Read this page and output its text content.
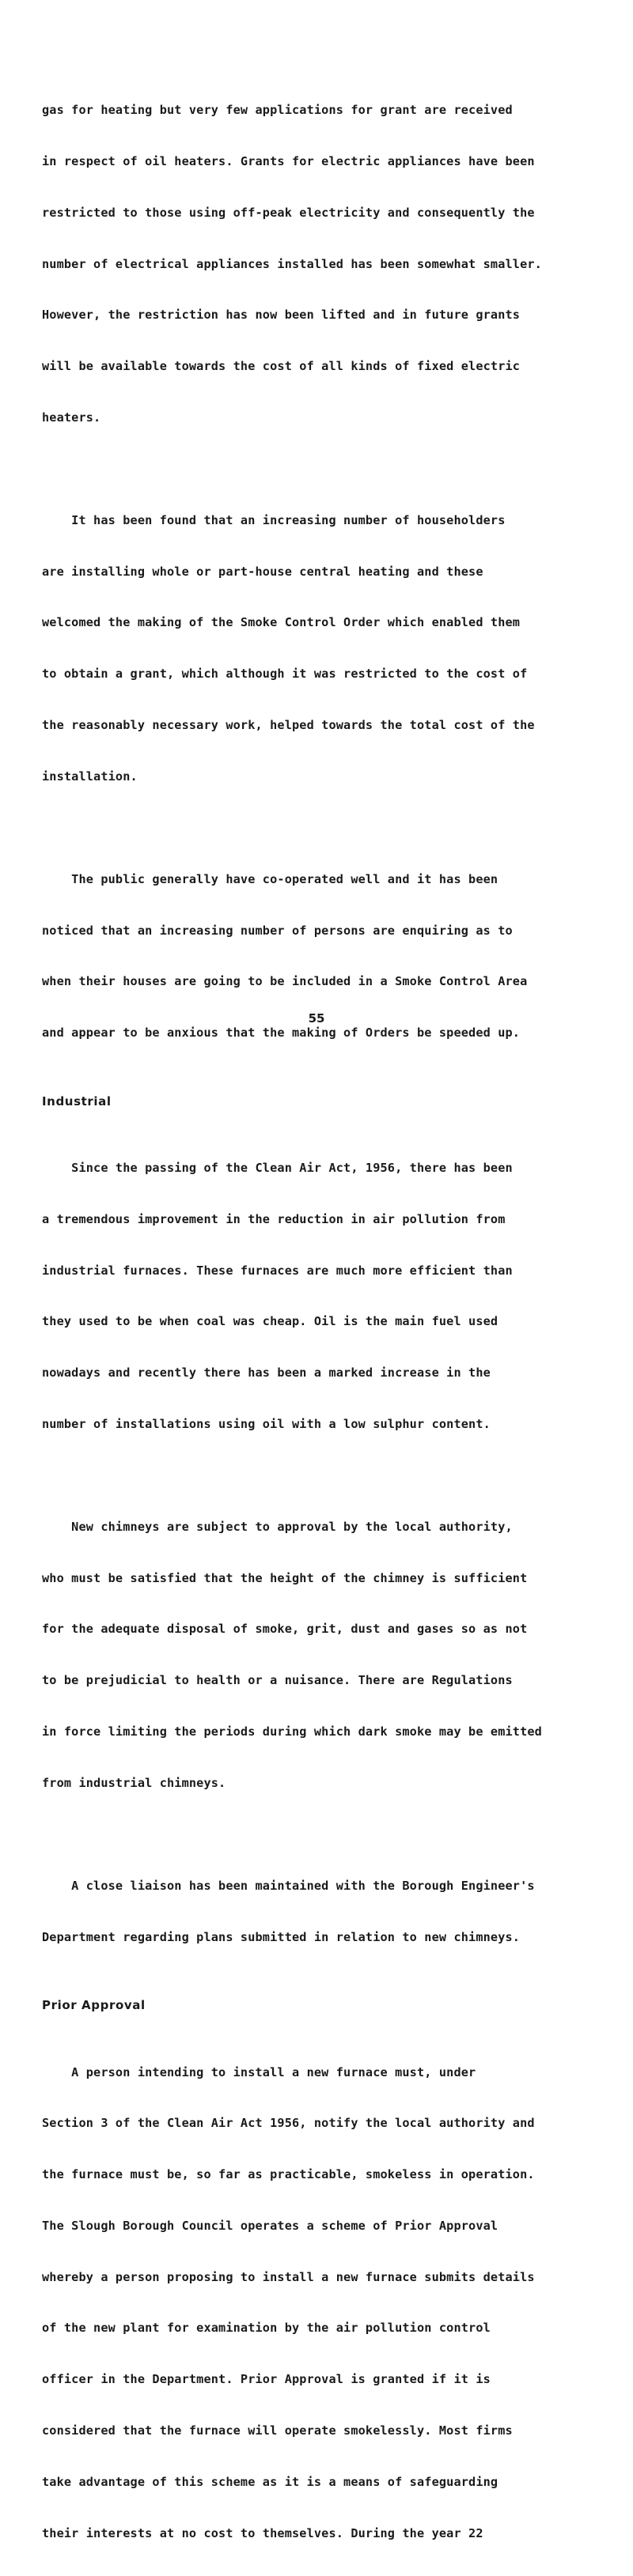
gas for heating but very few applications for grant are received

in respect of oil heaters. Grants for electric appliances have been

restricted to those using off-peak electricity and consequently the

number of electrical appliances installed has been somewhat smaller.

However, the restriction has now been lifted and in future grants

will be available towards the cost of all kinds of fixed electric

heaters.

It has been found that an increasing number of householders

are installing whole or part-house central heating and these

welcomed the making of the Smoke Control Order which enabled them

to obtain a grant, which although it was restricted to the cost of

the reasonably necessary work, helped towards the total cost of the

installation.

The public generally have co-operated well and it has been

noticed that an increasing number of persons are enquiring as to

when their houses are going to be included in a Smoke Control Area

and appear to be anxious that the making of Orders be speeded up.

Industrial

Since the passing of the Clean Air Act, 1956, there has been

a tremendous improvement in the reduction in air pollution from

industrial furnaces. These furnaces are much more efficient than

they used to be when coal was cheap. Oil is the main fuel used

nowadays and recently there has been a marked increase in the

number of installations using oil with a low sulphur content.

New chimneys are subject to approval by the local authority,

who must be satisfied that the height of the chimney is sufficient

for the adequate disposal of smoke, grit, dust and gases so as not

to be prejudicial to health or a nuisance. There are Regulations

in force limiting the periods during which dark smoke may be emitted

from industrial chimneys.

A close liaison has been maintained with the Borough Engineer's

Department regarding plans submitted in relation to new chimneys.

Prior Approval

A person intending to install a new furnace must, under

Section 3 of the Clean Air Act 1956, notify the local authority and

the furnace must be, so far as practicable, smokeless in operation.

The Slough Borough Council operates a scheme of Prior Approval

whereby a person proposing to install a new furnace submits details

of the new plant for examination by the air pollution control

officer in the Department. Prior Approval is granted if it is

considered that the furnace will operate smokelessly. Most firms

take advantage of this scheme as it is a means of safeguarding

their interests at no cost to themselves. During the year 22

55
